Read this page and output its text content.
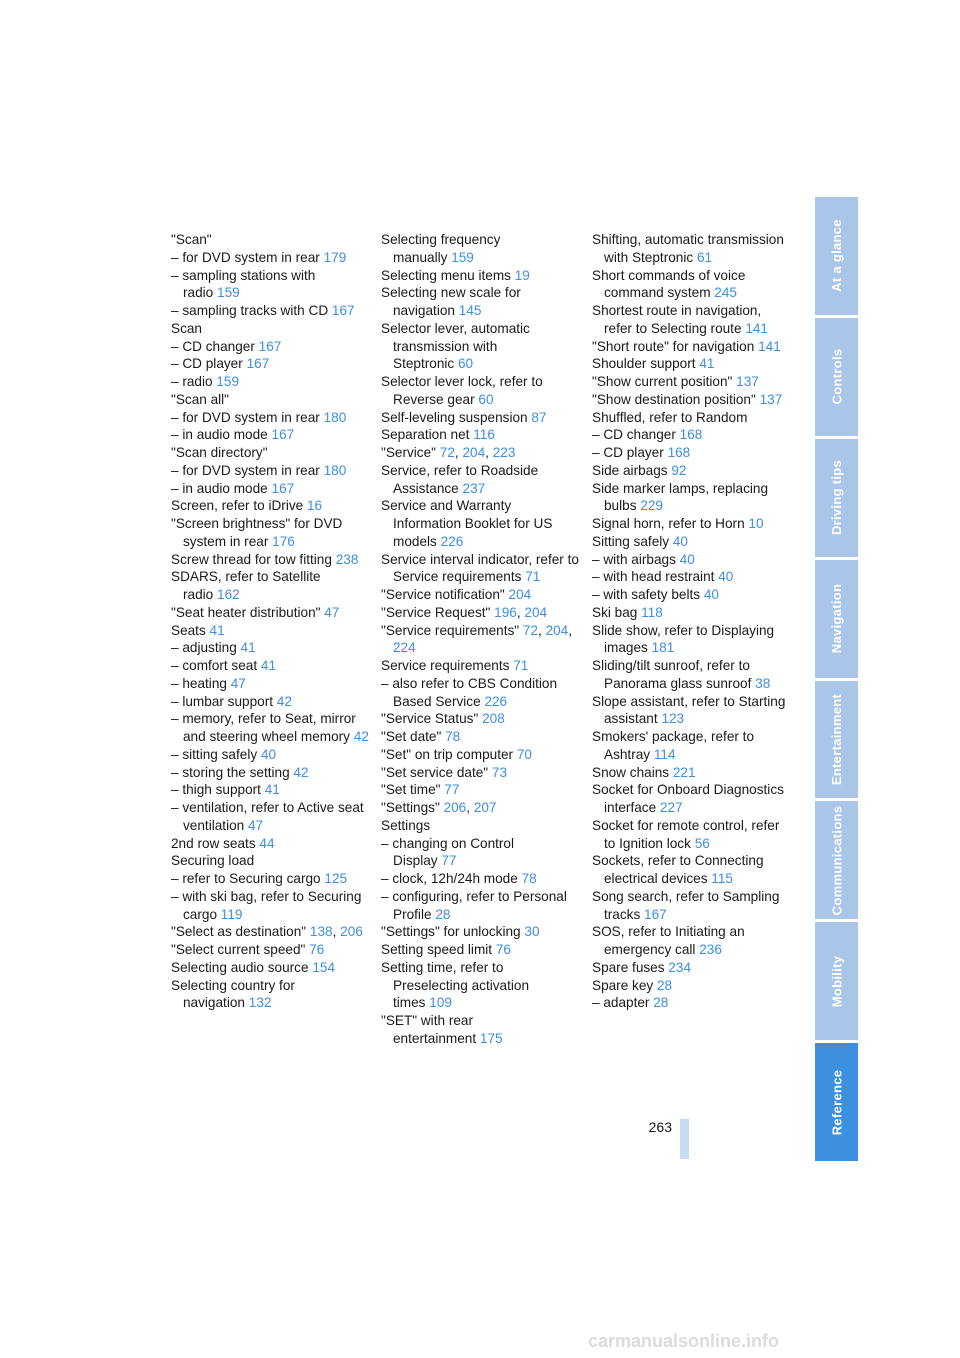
"Scan"
– for DVD system in rear 179
– sampling stations with radio 159
– sampling tracks with CD 167
Scan
– CD changer 167
– CD player 167
– radio 159
"Scan all"
– for DVD system in rear 180
– in audio mode 167
"Scan directory"
– for DVD system in rear 180
– in audio mode 167
Screen, refer to iDrive 16
"Screen brightness" for DVD system in rear 176
Screw thread for tow fitting 238
SDARS, refer to Satellite radio 162
"Seat heater distribution" 47
Seats 41
– adjusting 41
– comfort seat 41
– heating 47
– lumbar support 42
– memory, refer to Seat, mirror and steering wheel memory 42
– sitting safely 40
– storing the setting 42
– thigh support 41
– ventilation, refer to Active seat ventilation 47
2nd row seats 44
Securing load
– refer to Securing cargo 125
– with ski bag, refer to Securing cargo 119
"Select as destination" 138, 206
"Select current speed" 76
Selecting audio source 154
Selecting country for navigation 132
Selecting frequency manually 159
Selecting menu items 19
Selecting new scale for navigation 145
Selector lever, automatic transmission with Steptronic 60
Selector lever lock, refer to Reverse gear 60
Self-leveling suspension 87
Separation net 116
"Service" 72, 204, 223
Service, refer to Roadside Assistance 237
Service and Warranty Information Booklet for US models 226
Service interval indicator, refer to Service requirements 71
"Service notification" 204
"Service Request" 196, 204
"Service requirements" 72, 204, 224
Service requirements 71
– also refer to CBS Condition Based Service 226
"Service Status" 208
"Set date" 78
"Set" on trip computer 70
"Set service date" 73
"Set time" 77
"Settings" 206, 207
Settings
– changing on Control Display 77
– clock, 12h/24h mode 78
– configuring, refer to Personal Profile 28
"Settings" for unlocking 30
Setting speed limit 76
Setting time, refer to Preselecting activation times 109
"SET" with rear entertainment 175
Shifting, automatic transmission with Steptronic 61
Short commands of voice command system 245
Shortest route in navigation, refer to Selecting route 141
"Short route" for navigation 141
Shoulder support 41
"Show current position" 137
"Show destination position" 137
Shuffled, refer to Random
– CD changer 168
– CD player 168
Side airbags 92
Side marker lamps, replacing bulbs 229
Signal horn, refer to Horn 10
Sitting safely 40
– with airbags 40
– with head restraint 40
– with safety belts 40
Ski bag 118
Slide show, refer to Displaying images 181
Sliding/tilt sunroof, refer to Panorama glass sunroof 38
Slope assistant, refer to Starting assistant 123
Smokers' package, refer to Ashtray 114
Snow chains 221
Socket for Onboard Diagnostics interface 227
Socket for remote control, refer to Ignition lock 56
Sockets, refer to Connecting electrical devices 115
Song search, refer to Sampling tracks 167
SOS, refer to Initiating an emergency call 236
Spare fuses 234
Spare key 28
– adapter 28
At a glance
Controls
Driving tips
Navigation
Entertainment
Communications
Mobility
Reference
263
carmanualsonline.info
